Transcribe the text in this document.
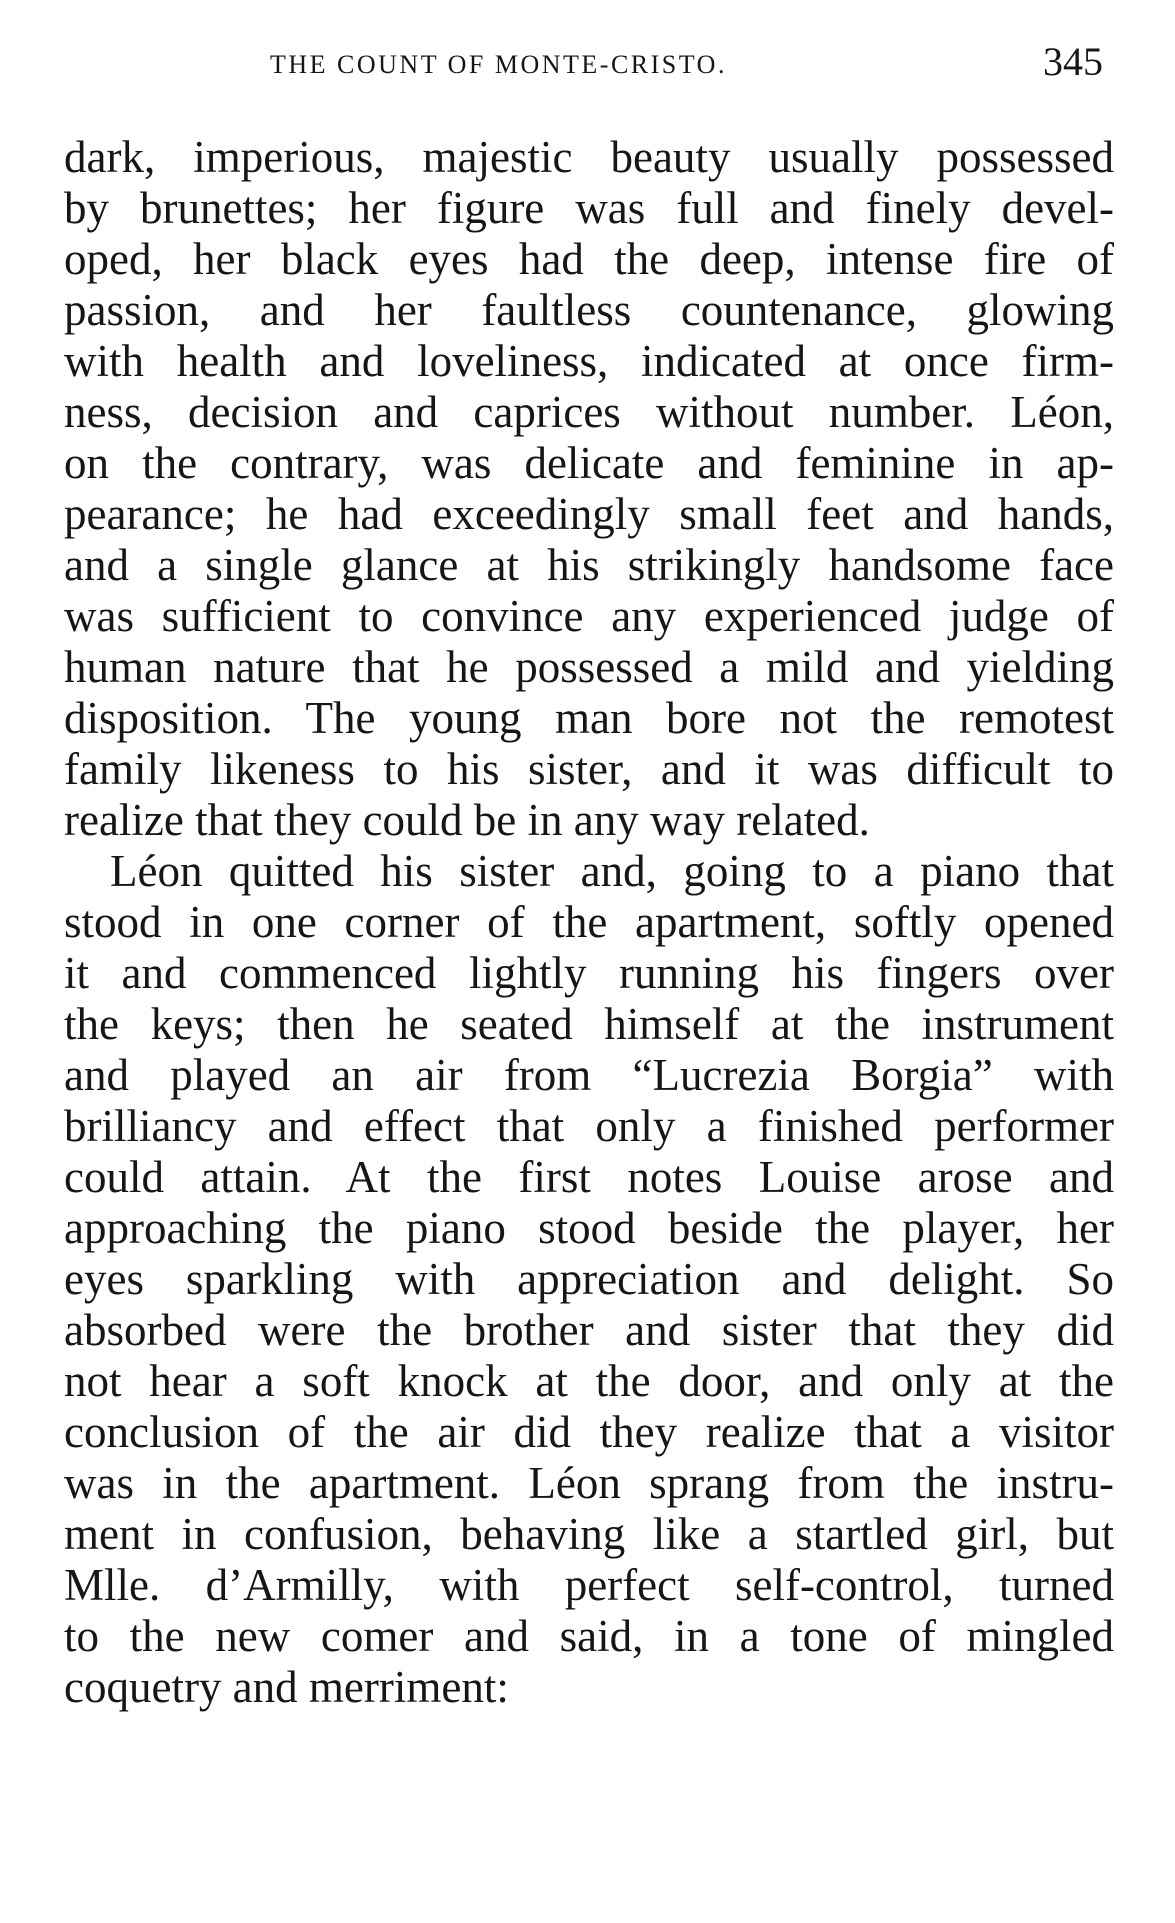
THE COUNT OF MONTE-CRISTO.	345
dark, imperious, majestic beauty usually possessed
by brunettes; her figure was full and finely devel-
oped, her black eyes had the deep, intense fire of
passion, and her faultless countenance, glowing
with health and loveliness, indicated at once firm-
ness, decision and caprices without number. Léon,
on the contrary, was delicate and feminine in ap-
pearance; he had exceedingly small feet and hands,
and a single glance at his strikingly handsome face
was sufficient to convince any experienced judge of
human nature that he possessed a mild and yielding
disposition. The young man bore not the remotest
family likeness to his sister, and it was difficult to
realize that they could be in any way related.
Léon quitted his sister and, going to a piano that
stood in one corner of the apartment, softly opened
it and commenced lightly running his fingers over
the keys; then he seated himself at the instrument
and played an air from “Lucrezia Borgia” with
brilliancy and effect that only a finished performer
could attain. At the first notes Louise arose and
approaching the piano stood beside the player, her
eyes sparkling with appreciation and delight. So
absorbed were the brother and sister that they did
not hear a soft knock at the door, and only at the
conclusion of the air did they realize that a visitor
was in the apartment. Léon sprang from the instru-
ment in confusion, behaving like a startled girl, but
Mlle. d’Armilly, with perfect self-control, turned
to the new comer and said, in a tone of mingled
coquetry and merriment:
